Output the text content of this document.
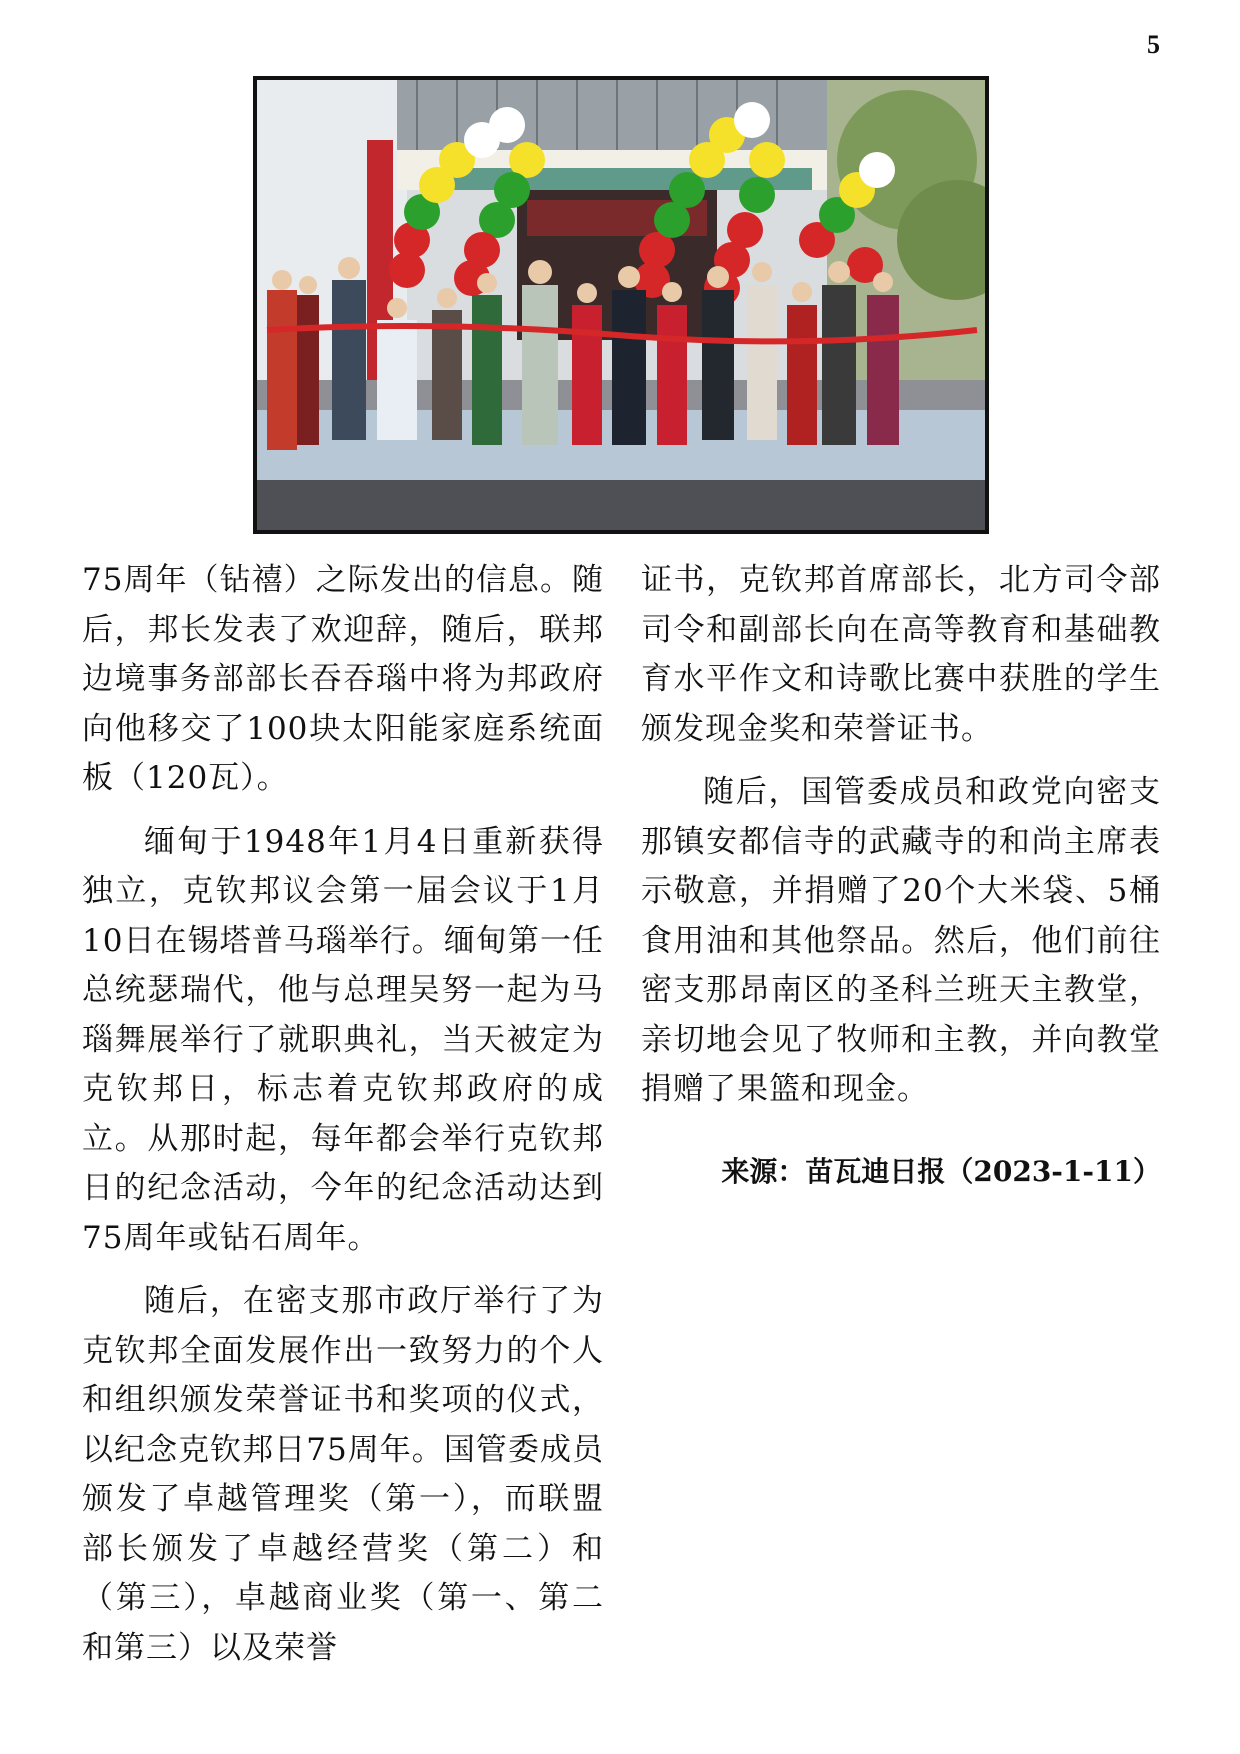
5

75周年（钻禧）之际发出的信息。随后，邦长发表了欢迎辞，随后，联邦边境事务部部长吞吞瑙中将为邦政府向他移交了100块太阳能家庭系统面板（120瓦）。

缅甸于1948年1月4日重新获得独立，克钦邦议会第一届会议于1月10日在锡塔普马瑙举行。缅甸第一任总统瑟瑞代，他与总理吴努一起为马瑙舞展举行了就职典礼，当天被定为克钦邦日，标志着克钦邦政府的成立。从那时起，每年都会举行克钦邦日的纪念活动，今年的纪念活动达到75周年或钻石周年。

随后，在密支那市政厅举行了为克钦邦全面发展作出一致努力的个人和组织颁发荣誉证书和奖项的仪式，以纪念克钦邦日75周年。国管委成员颁发了卓越管理奖（第一），而联盟部长颁发了卓越经营奖（第二）和（第三），卓越商业奖（第一、第二和第三）以及荣誉

证书，克钦邦首席部长，北方司令部司令和副部长向在高等教育和基础教育水平作文和诗歌比赛中获胜的学生颁发现金奖和荣誉证书。

随后，国管委成员和政党向密支那镇安都信寺的武藏寺的和尚主席表示敬意，并捐赠了20个大米袋、5桶食用油和其他祭品。然后，他们前往密支那昂南区的圣科兰班天主教堂，亲切地会见了牧师和主教，并向教堂捐赠了果篮和现金。

来源：苗瓦迪日报（2023-1-11）
